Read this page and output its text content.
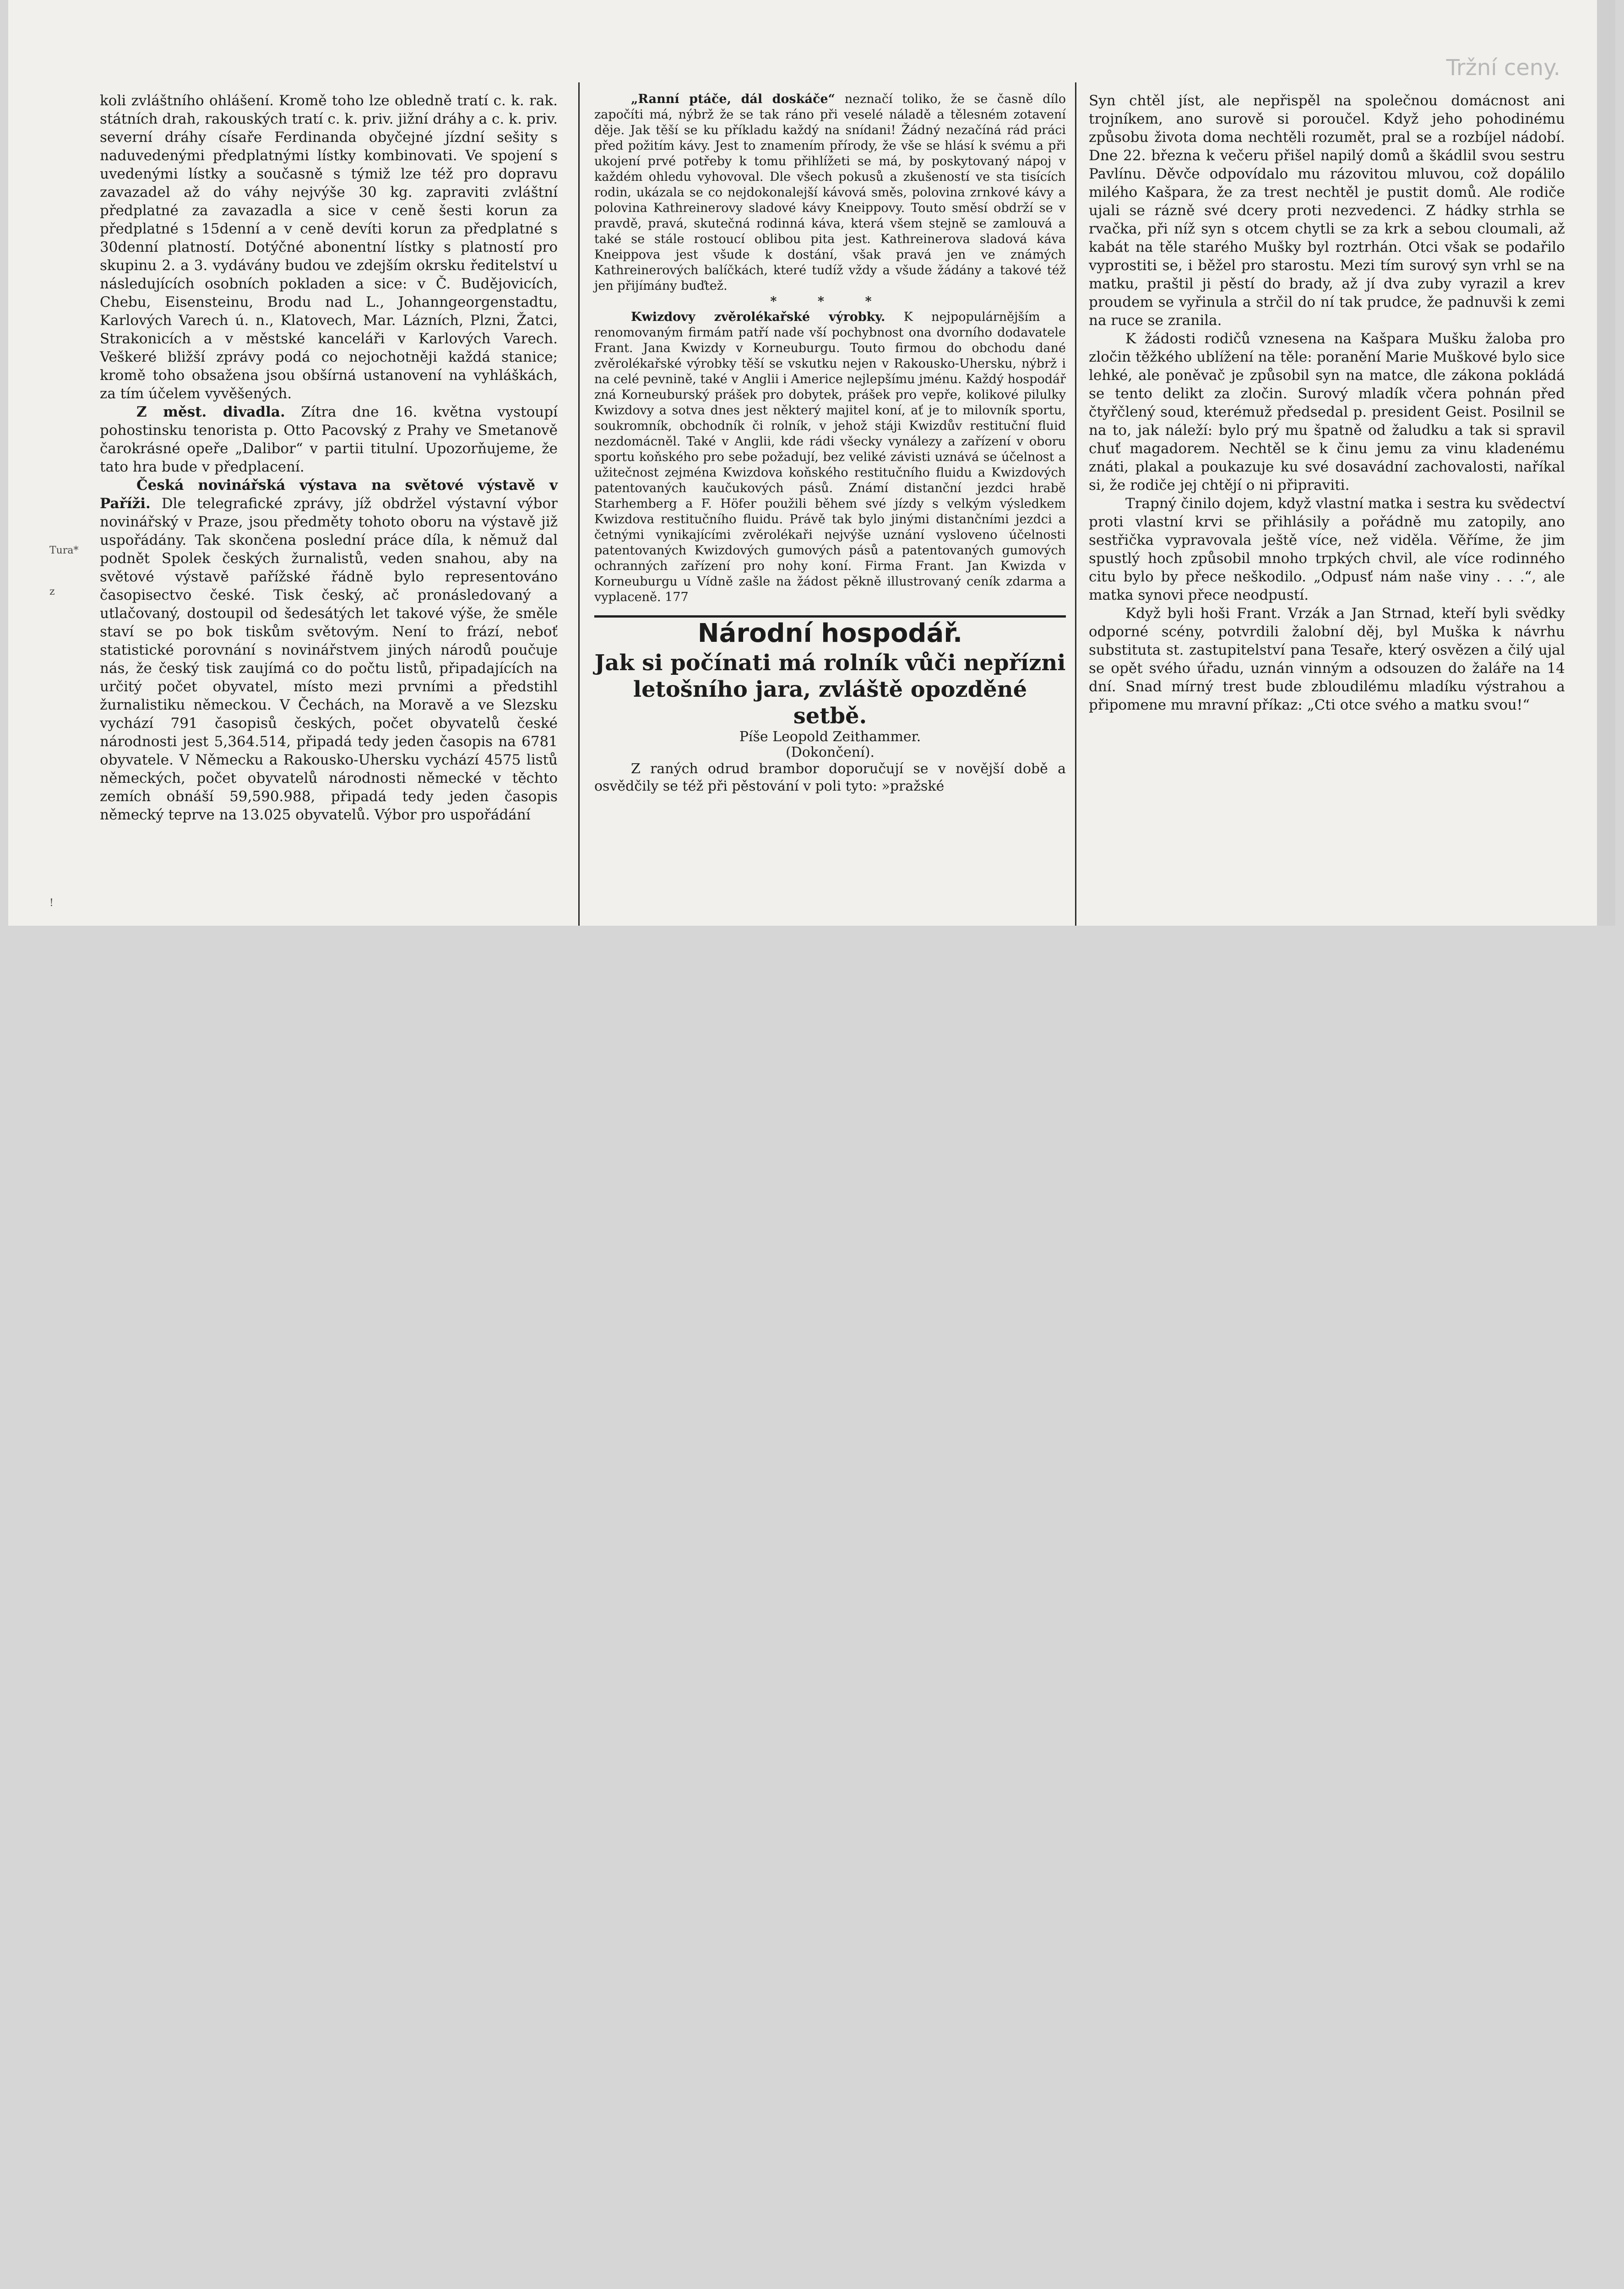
Tržní ceny.
Tura*
z
!

koli zvláštního ohlášení. Kromě toho lze obledně tratí c. k. rak. státních drah, rakouských tratí c. k. priv. jižní dráhy a c. k. priv. severní dráhy císaře Ferdinanda obyčejné jízdní sešity s naduvedenými předplatnými lístky kombinovati. Ve spojení s uvedenými lístky a současně s týmiž lze též pro dopravu zavazadel až do váhy nejvýše 30 kg. zapraviti zvláštní předplatné za zavazadla a sice v ceně šesti korun za předplatné s 15denní a v ceně devíti korun za předplatné s 30denní platností. Dotýčné abonentní lístky s platností pro skupinu 2. a 3. vydávány budou ve zdejším okrsku ředitelství u následujících osobních pokladen a sice: v Č. Budějovicích, Chebu, Eisensteinu, Brodu nad L., Johanngeorgenstadtu, Karlových Varech ú. n., Klatovech, Mar. Lázních, Plzni, Žatci, Strakonicích a v městské kanceláři v Karlových Varech. Veškeré bližší zprávy podá co nejochotněji každá stanice; kromě toho obsažena jsou obšírná ustanovení na vyhláškách, za tím účelem vyvěšených.

Z měst. divadla. Zítra dne 16. května vystoupí pohostinsku tenorista p. Otto Pacovský z Prahy ve Smetanově čarokrásné opeře „Dalibor“ v partii titulní. Upozorňujeme, že tato hra bude v předplacení.

Česká novinářská výstava na světové výstavě v Paříži. Dle telegrafické zprávy, jíž obdržel výstavní výbor novinářský v Praze, jsou předměty tohoto oboru na výstavě již uspořádány. Tak skončena poslední práce díla, k němuž dal podnět Spolek českých žurnalistů, veden snahou, aby na světové výstavě pařížské řádně bylo representováno časopisectvo české. Tisk český, ač pronásledovaný a utlačovaný, dostoupil od šedesátých let takové výše, že směle staví se po bok tiskům světovým. Není to frází, neboť statistické porovnání s novinářstvem jiných národů poučuje nás, že český tisk zaujímá co do počtu listů, připadajících na určitý počet obyvatel, místo mezi prvními a předstihl žurnalistiku německou. V Čechách, na Moravě a ve Slezsku vychází 791 časopisů českých, počet obyvatelů české národnosti jest 5,364.514, připadá tedy jeden časopis na 6781 obyvatele. V Německu a Rakousko-Uhersku vychází 4575 listů německých, počet obyvatelů národnosti německé v těchto zemích obnáší 59,590.988, připadá tedy jeden časopis německý teprve na 13.025 obyvatelů. Výbor pro uspořádání

„Ranní ptáče, dál doskáče“ neznačí toliko, že se časně dílo započíti má, nýbrž že se tak ráno při veselé náladě a tělesném zotavení děje. Jak těší se ku příkladu každý na snídani! Žádný nezačíná rád práci před požitím kávy. Jest to znamením přírody, že vše se hlásí k svému a při ukojení prvé potřeby k tomu přihlížeti se má, by poskytovaný nápoj v každém ohledu vyhovoval. Dle všech pokusů a zkušeností ve sta tisících rodin, ukázala se co nejdokonalejší kávová směs, polovina zrnkové kávy a polovina Kathreinerovy sladové kávy Kneippovy. Touto směsí obdrží se v pravdě, pravá, skutečná rodinná káva, která všem stejně se zamlouvá a také se stále rostoucí oblibou pita jest. Kathreinerova sladová káva Kneippova jest všude k dostání, však pravá jen ve známých Kathreinerových balíčkách, které tudíž vždy a všude žádány a takové též jen přijímány buďtež.

* * *

Kwizdovy zvěrolékařské výrobky. K nejpopulárnějším a renomovaným firmám patří nade vší pochybnost ona dvorního dodavatele Frant. Jana Kwizdy v Korneuburgu. Touto firmou do obchodu dané zvěrolékařské výrobky těší se vskutku nejen v Rakousko-Uhersku, nýbrž i na celé pevnině, také v Anglii i Americe nejlepšímu jménu. Každý hospodář zná Korneuburský prášek pro dobytek, prášek pro vepře, kolikové pilulky Kwizdovy a sotva dnes jest některý majitel koní, ať je to milovník sportu, soukromník, obchodník či rolník, v jehož stáji Kwizdův restituční fluid nezdomácněl. Také v Anglii, kde rádi všecky vynálezy a zařízení v oboru sportu koňského pro sebe požadují, bez veliké závisti uznává se účelnost a užitečnost zejména Kwizdova koňského restitučního fluidu a Kwizdových patentovaných kaučukových pásů. Známí distanční jezdci hrabě Starhemberg a F. Höfer použili během své jízdy s velkým výsledkem Kwizdova restitučního fluidu. Právě tak bylo jinými distančními jezdci a četnými vynikajícími zvěrolékaři nejvýše uznání vysloveno účelnosti patentovaných Kwizdových gumových pásů a patentovaných gumových ochranných zařízení pro nohy koní. Firma Frant. Jan Kwizda v Korneuburgu u Vídně zašle na žádost pěkně illustrovaný ceník zdarma a vyplaceně. 177

Národní hospodář.

Jak si počínati má rolník vůči nepřízni letošního jara, zvláště opozděné setbě.

Píše Leopold Zeithammer.

(Dokončení).

Z raných odrud brambor doporučují se v novější době a osvědčily se též při pěstování v poli tyto: »pražské

Syn chtěl jíst, ale nepřispěl na společnou domácnost ani trojníkem, ano surově si poroučel. Když jeho pohodinému způsobu života doma nechtěli rozumět, pral se a rozbíjel nádobí. Dne 22. března k večeru přišel napilý domů a škádlil svou sestru Pavlínu. Děvče odpovídalo mu rázovitou mluvou, což dopálilo milého Kašpara, že za trest nechtěl je pustit domů. Ale rodiče ujali se rázně své dcery proti nezvedenci. Z hádky strhla se rvačka, při níž syn s otcem chytli se za krk a sebou cloumali, až kabát na těle starého Mušky byl roztrhán. Otci však se podařilo vyprostiti se, i běžel pro starostu. Mezi tím surový syn vrhl se na matku, praštil ji pěstí do brady, až jí dva zuby vyrazil a krev proudem se vyřinula a strčil do ní tak prudce, že padnuvši k zemi na ruce se zranila.

K žádosti rodičů vznesena na Kašpara Mušku žaloba pro zločin těžkého ublížení na těle: poranění Marie Muškové bylo sice lehké, ale poněvač je způsobil syn na matce, dle zákona pokládá se tento delikt za zločin. Surový mladík včera pohnán před čtyřčlený soud, kterémuž předsedal p. president Geist. Posilnil se na to, jak náleží: bylo prý mu špatně od žaludku a tak si spravil chuť magadorem. Nechtěl se k činu jemu za vinu kladenému znáti, plakal a poukazuje ku své dosavádní zachovalosti, naříkal si, že rodiče jej chtějí o ni připraviti.

Trapný činilo dojem, když vlastní matka i sestra ku svědectví proti vlastní krvi se přihlásily a pořádně mu zatopily, ano sestřička vypravovala ještě více, než viděla. Věříme, že jim spustlý hoch způsobil mnoho trpkých chvil, ale více rodinného citu bylo by přece neškodilo. „Odpusť nám naše viny . . .“, ale matka synovi přece neodpustí.

Když byli hoši Frant. Vrzák a Jan Strnad, kteří byli svědky odporné scény, potvrdili žalobní děj, byl Muška k návrhu substituta st. zastupitelství pana Tesaře, který osvězen a čilý ujal se opět svého úřadu, uznán vinným a odsouzen do žaláře na 14 dní. Snad mírný trest bude zbloudilému mladíku výstrahou a připomene mu mravní příkaz: „Cti otce svého a matku svou!“
